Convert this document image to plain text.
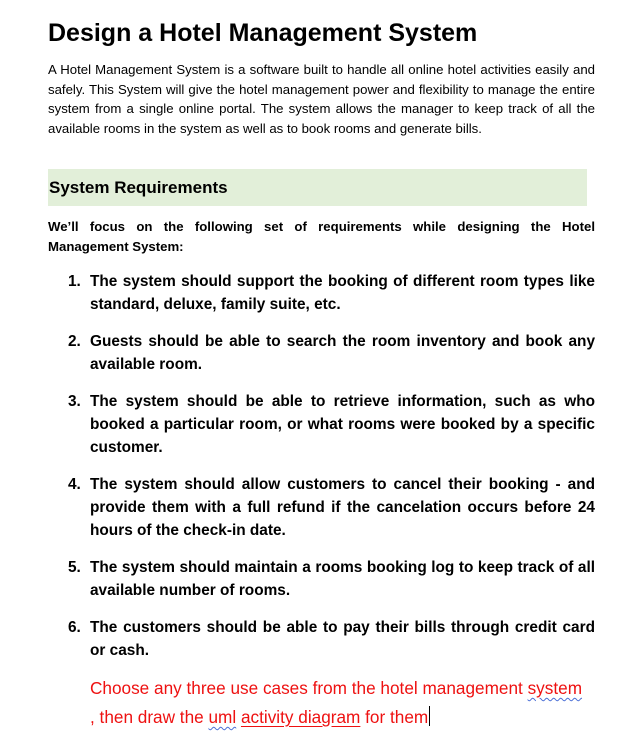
Design a Hotel Management System

A Hotel Management System is a software built to handle all online hotel activities easily and safely. This System will give the hotel management power and flexibility to manage the entire system from a single online portal. The system allows the manager to keep track of all the available rooms in the system as well as to book rooms and generate bills.

System Requirements

We’ll focus on the following set of requirements while designing the Hotel Management System:

1. The system should support the booking of different room types like standard, deluxe, family suite, etc.
2. Guests should be able to search the room inventory and book any available room.
3. The system should be able to retrieve information, such as who booked a particular room, or what rooms were booked by a specific customer.
4. The system should allow customers to cancel their booking - and provide them with a full refund if the cancelation occurs before 24 hours of the check-in date.
5. The system should maintain a rooms booking log to keep track of all available number of rooms.
6. The customers should be able to pay their bills through credit card or cash.

Choose any three use cases from the hotel management system , then draw the uml activity diagram for them
